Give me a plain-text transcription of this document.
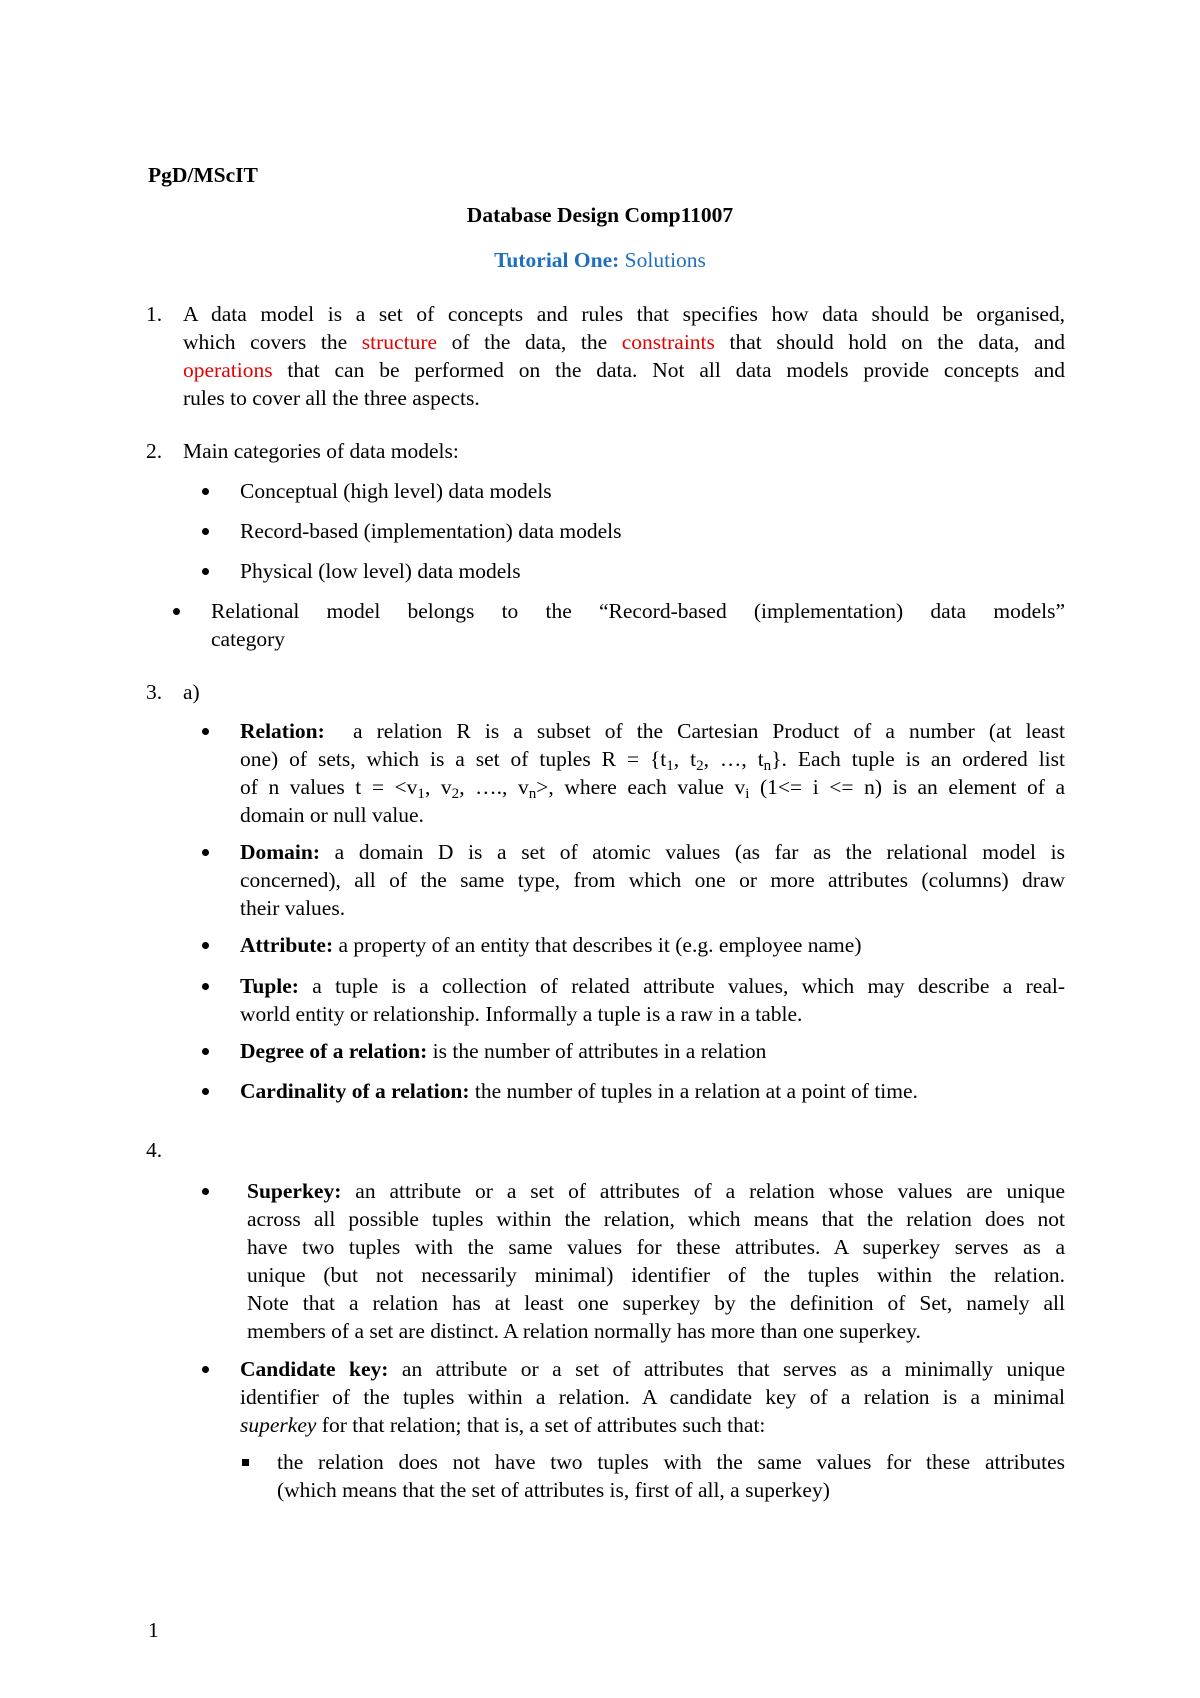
PgD/MScIT
Database Design Comp11007
Tutorial One: Solutions
1. A data model is a set of concepts and rules that specifies how data should be organised,
which covers the structure of the data, the constraints that should hold on the data, and
operations that can be performed on the data. Not all data models provide concepts and
rules to cover all the three aspects.
2. Main categories of data models:
Conceptual (high level) data models
Record-based (implementation) data models
Physical (low level) data models
Relational model belongs to the “Record-based (implementation) data models”
category
3. a)
Relation: a relation R is a subset of the Cartesian Product of a number (at least
one) of sets, which is a set of tuples $R = \{t_1$, $t_2$, …, $t_n$}. Each tuple is an ordered list
of n values $t = <v_1$, $v_2$, …., $v_n>$, where each value $v_i$ (1<= i <= n) is an element of a
domain or null value.
Domain: a domain D is a set of atomic values (as far as the relational model is
concerned), all of the same type, from which one or more attributes (columns) draw
their values.
Attribute: a property of an entity that describes it (e.g. employee name)
Tuple: a tuple is a collection of related attribute values, which may describe a real-
world entity or relationship. Informally a tuple is a raw in a table.
Degree of a relation: is the number of attributes in a relation
Cardinality of a relation: the number of tuples in a relation at a point of time.
4.
Superkey: an attribute or a set of attributes of a relation whose values are unique
across all possible tuples within the relation, which means that the relation does not
have two tuples with the same values for these attributes. A superkey serves as a
unique (but not necessarily minimal) identifier of the tuples within the relation.
Note that a relation has at least one superkey by the definition of Set, namely all
members of a set are distinct. A relation normally has more than one superkey.
Candidate key: an attribute or a set of attributes that serves as a minimally unique
identifier of the tuples within a relation. A candidate key of a relation is a minimal
superkey for that relation; that is, a set of attributes such that:
the relation does not have two tuples with the same values for these attributes
(which means that the set of attributes is, first of all, a superkey)
1
